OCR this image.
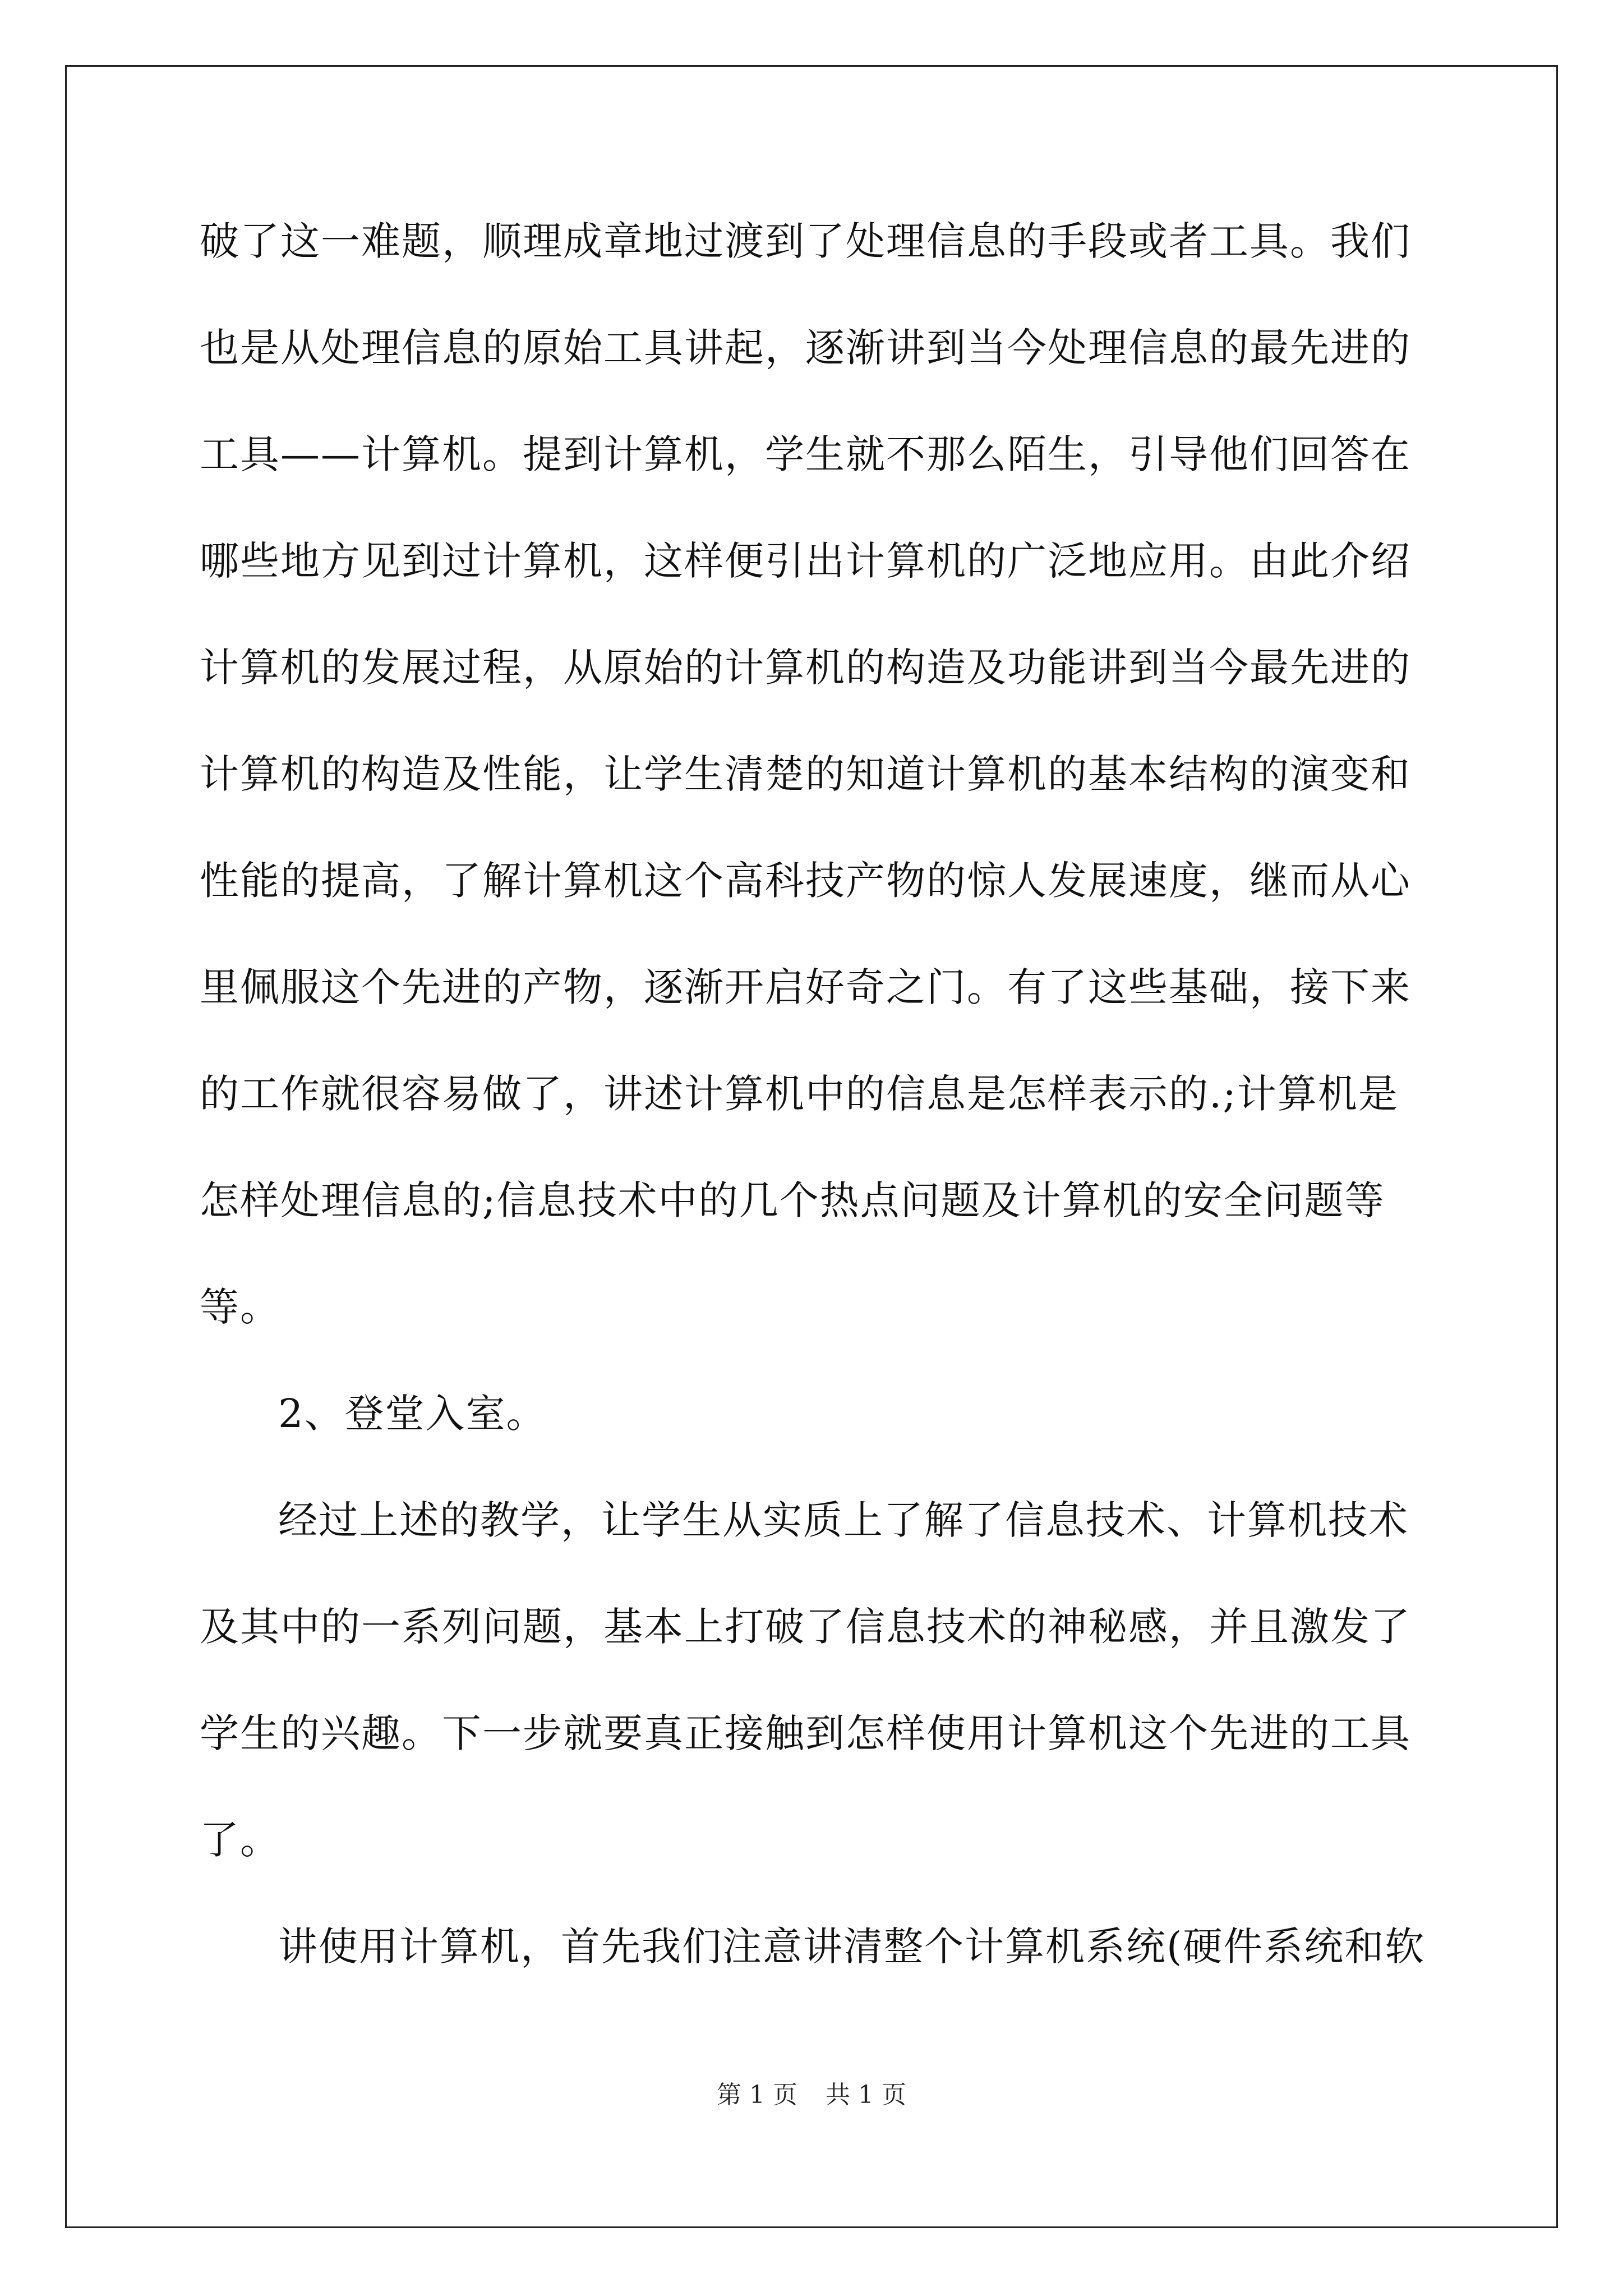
破了这一难题，顺理成章地过渡到了处理信息的手段或者工具。我们
也是从处理信息的原始工具讲起，逐渐讲到当今处理信息的最先进的
工具——计算机。提到计算机，学生就不那么陌生，引导他们回答在
哪些地方见到过计算机，这样便引出计算机的广泛地应用。由此介绍
计算机的发展过程，从原始的计算机的构造及功能讲到当今最先进的
计算机的构造及性能，让学生清楚的知道计算机的基本结构的演变和
性能的提高，了解计算机这个高科技产物的惊人发展速度，继而从心
里佩服这个先进的产物，逐渐开启好奇之门。有了这些基础，接下来
的工作就很容易做了，讲述计算机中的信息是怎样表示的.;计算机是
怎样处理信息的;信息技术中的几个热点问题及计算机的安全问题等
等。
2、登堂入室。
经过上述的教学，让学生从实质上了解了信息技术、计算机技术
及其中的一系列问题，基本上打破了信息技术的神秘感，并且激发了
学生的兴趣。下一步就要真正接触到怎样使用计算机这个先进的工具
了。
讲使用计算机，首先我们注意讲清整个计算机系统(硬件系统和软
第 1 页 共 1 页
